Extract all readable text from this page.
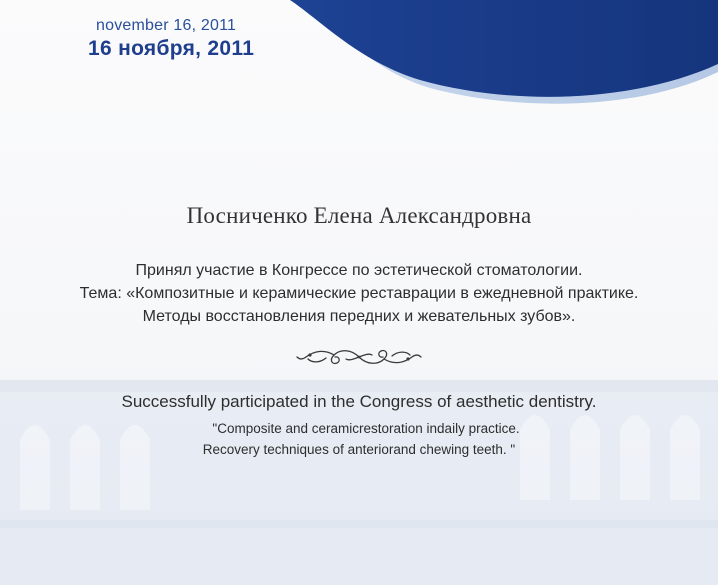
november 16, 2011
16 ноября, 2011
Посниченко Елена Александровна
Принял участие в Конгрессе по эстетической стоматологии.
Тема: «Композитные и керамические реставрации в ежедневной практике.
Методы восстановления передних и жевательных зубов».
Successfully participated in the Congress of aesthetic dentistry.
"Composite and ceramicrestoration indaily practice.
Recovery techniques of anteriorand chewing teeth. "
